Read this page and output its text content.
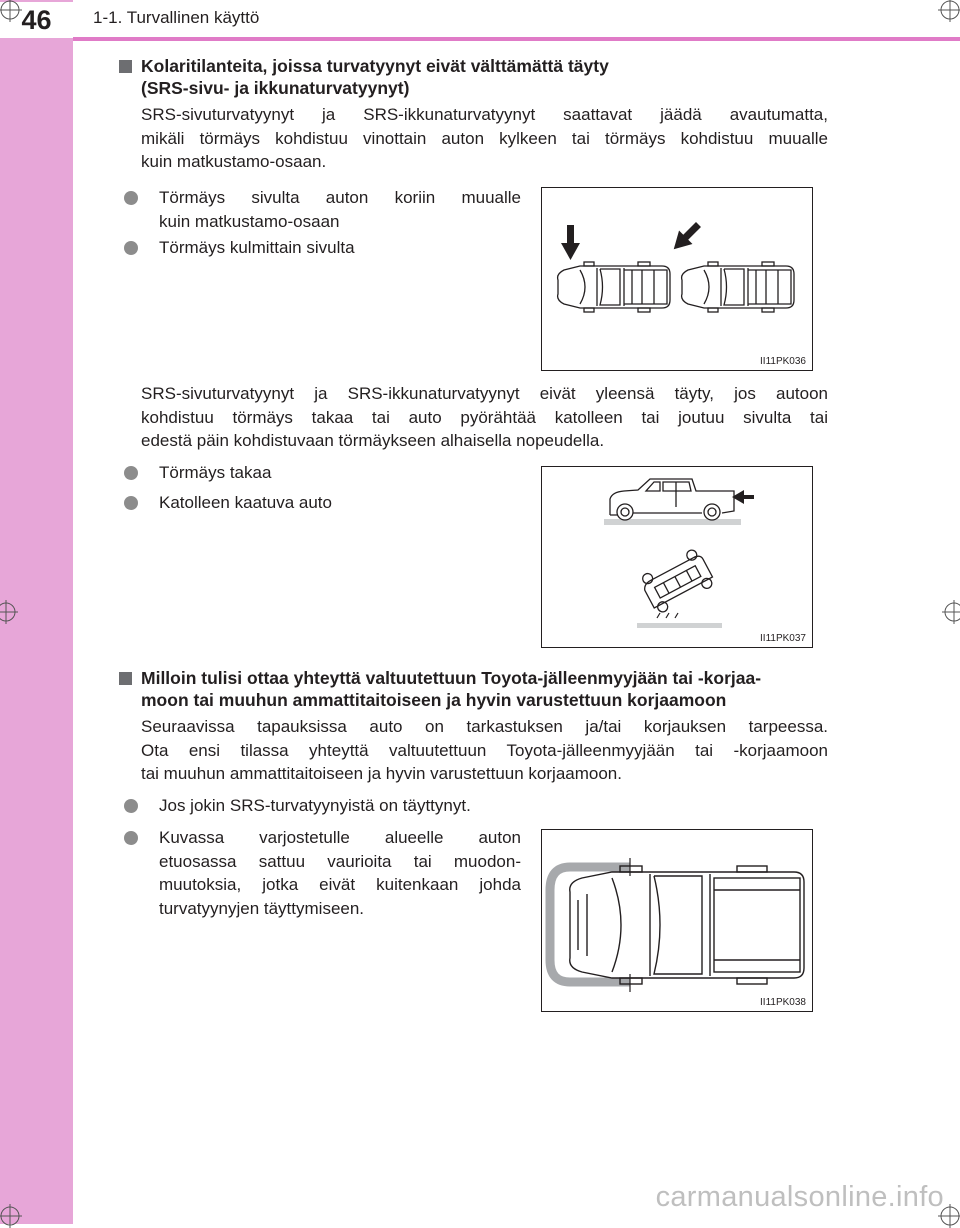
46	1-1. Turvallinen käyttö
Kolaritilanteita, joissa turvatyynyt eivät välttämättä täyty
(SRS-sivu- ja ikkunaturvatyynyt)
SRS-sivuturvatyynyt ja SRS-ikkunaturvatyynyt saattavat jäädä avautumatta,
mikäli törmäys kohdistuu vinottain auton kylkeen tai törmäys kohdistuu muualle
kuin matkustamo-osaan.
Törmäys sivulta auton koriin muualle
kuin matkustamo-osaan
Törmäys kulmittain sivulta
II11PK036
SRS-sivuturvatyynyt ja SRS-ikkunaturvatyynyt eivät yleensä täyty, jos autoon
kohdistuu törmäys takaa tai auto pyörähtää katolleen tai joutuu sivulta tai
edestä päin kohdistuvaan törmäykseen alhaisella nopeudella.
Törmäys takaa
Katolleen kaatuva auto
II11PK037
Milloin tulisi ottaa yhteyttä valtuutettuun Toyota-jälleenmyyjään tai -korjaa-
moon tai muuhun ammattitaitoiseen ja hyvin varustettuun korjaamoon
Seuraavissa tapauksissa auto on tarkastuksen ja/tai korjauksen tarpeessa.
Ota ensi tilassa yhteyttä valtuutettuun Toyota-jälleenmyyjään tai -korjaamoon
tai muuhun ammattitaitoiseen ja hyvin varustettuun korjaamoon.
Jos jokin SRS-turvatyynyistä on täyttynyt.
Kuvassa varjostetulle alueelle auton
etuosassa sattuu vaurioita tai muodon-
muutoksia, jotka eivät kuitenkaan johda
turvatyynyjen täyttymiseen.
II11PK038
carmanualsonline.info
